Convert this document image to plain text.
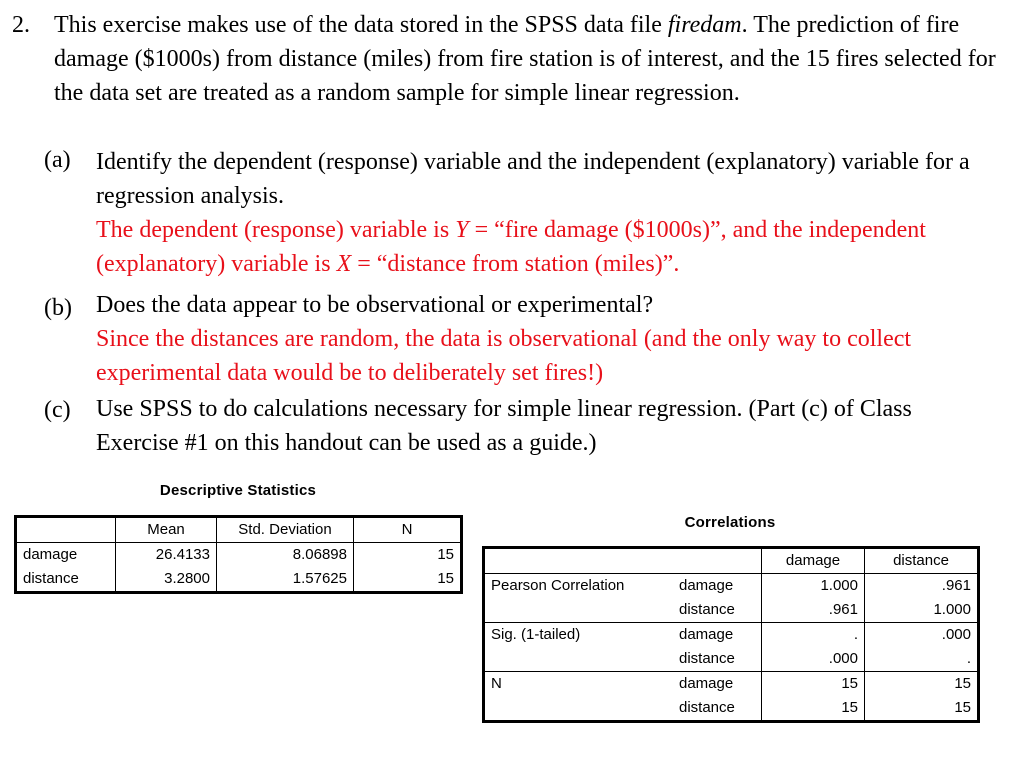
2. This exercise makes use of the data stored in the SPSS data file firedam. The prediction of fire damage ($1000s) from distance (miles) from fire station is of interest, and the 15 fires selected for the data set are treated as a random sample for simple linear regression.
(a) Identify the dependent (response) variable and the independent (explanatory) variable for a regression analysis.
The dependent (response) variable is Y = “fire damage ($1000s)”, and the independent (explanatory) variable is X = “distance from station (miles)”.
(b) Does the data appear to be observational or experimental?
Since the distances are random, the data is observational (and the only way to collect experimental data would be to deliberately set fires!)
(c) Use SPSS to do calculations necessary for simple linear regression. (Part (c) of Class Exercise #1 on this handout can be used as a guide.)
Descriptive Statistics
	Mean	Std. Deviation	N
damage	26.4133	8.06898	15
distance	3.2800	1.57625	15
Correlations
		damage	distance
Pearson Correlation	damage	1.000	.961
	distance	.961	1.000
Sig. (1-tailed)	damage	.	.000
	distance	.000	.
N	damage	15	15
	distance	15	15
